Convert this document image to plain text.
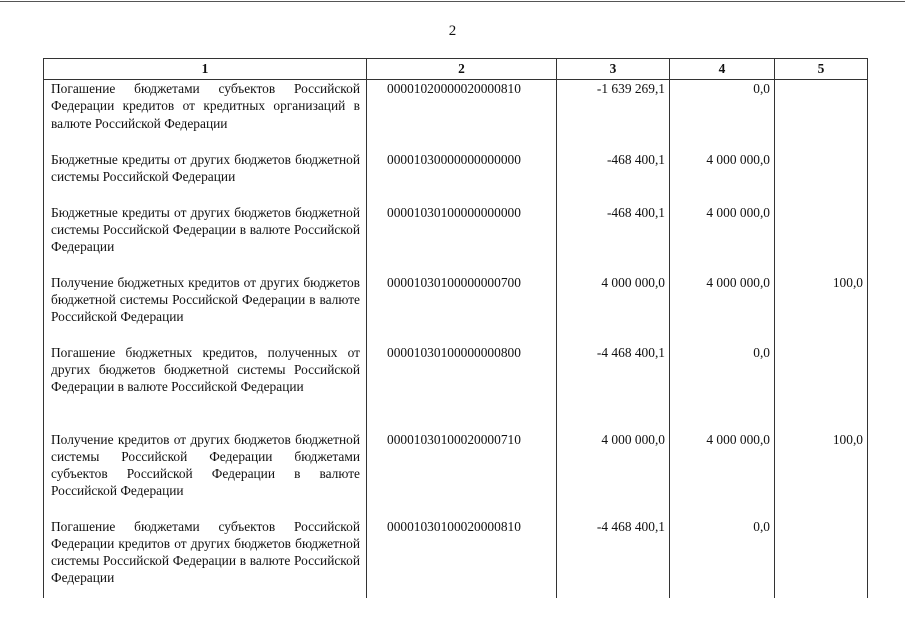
2
1	2	3	4	5
Погашение бюджетами субъектов Российской Федерации кредитов от кредитных организаций в валюте Российской Федерации	00001020000020000810	-1 639 269,1	0,0	
Бюджетные кредиты от других бюджетов бюджетной системы Российской Федерации	00001030000000000000	-468 400,1	4 000 000,0	
Бюджетные кредиты от других бюджетов бюджетной системы Российской Федерации в валюте Российской Федерации	00001030100000000000	-468 400,1	4 000 000,0	
Получение бюджетных кредитов от других бюджетов бюджетной системы Российской Федерации в валюте Российской Федерации	00001030100000000700	4 000 000,0	4 000 000,0	100,0
Погашение бюджетных кредитов, полученных от других бюджетов бюджетной системы Российской Федерации в валюте Российской Федерации	00001030100000000800	-4 468 400,1	0,0	
Получение кредитов от других бюджетов бюджетной системы Российской Федерации бюджетами субъектов Российской Федерации в валюте Российской Федерации	00001030100020000710	4 000 000,0	4 000 000,0	100,0
Погашение бюджетами субъектов Российской Федерации кредитов от других бюджетов бюджетной системы Российской Федерации в валюте Российской Федерации	00001030100020000810	-4 468 400,1	0,0	
